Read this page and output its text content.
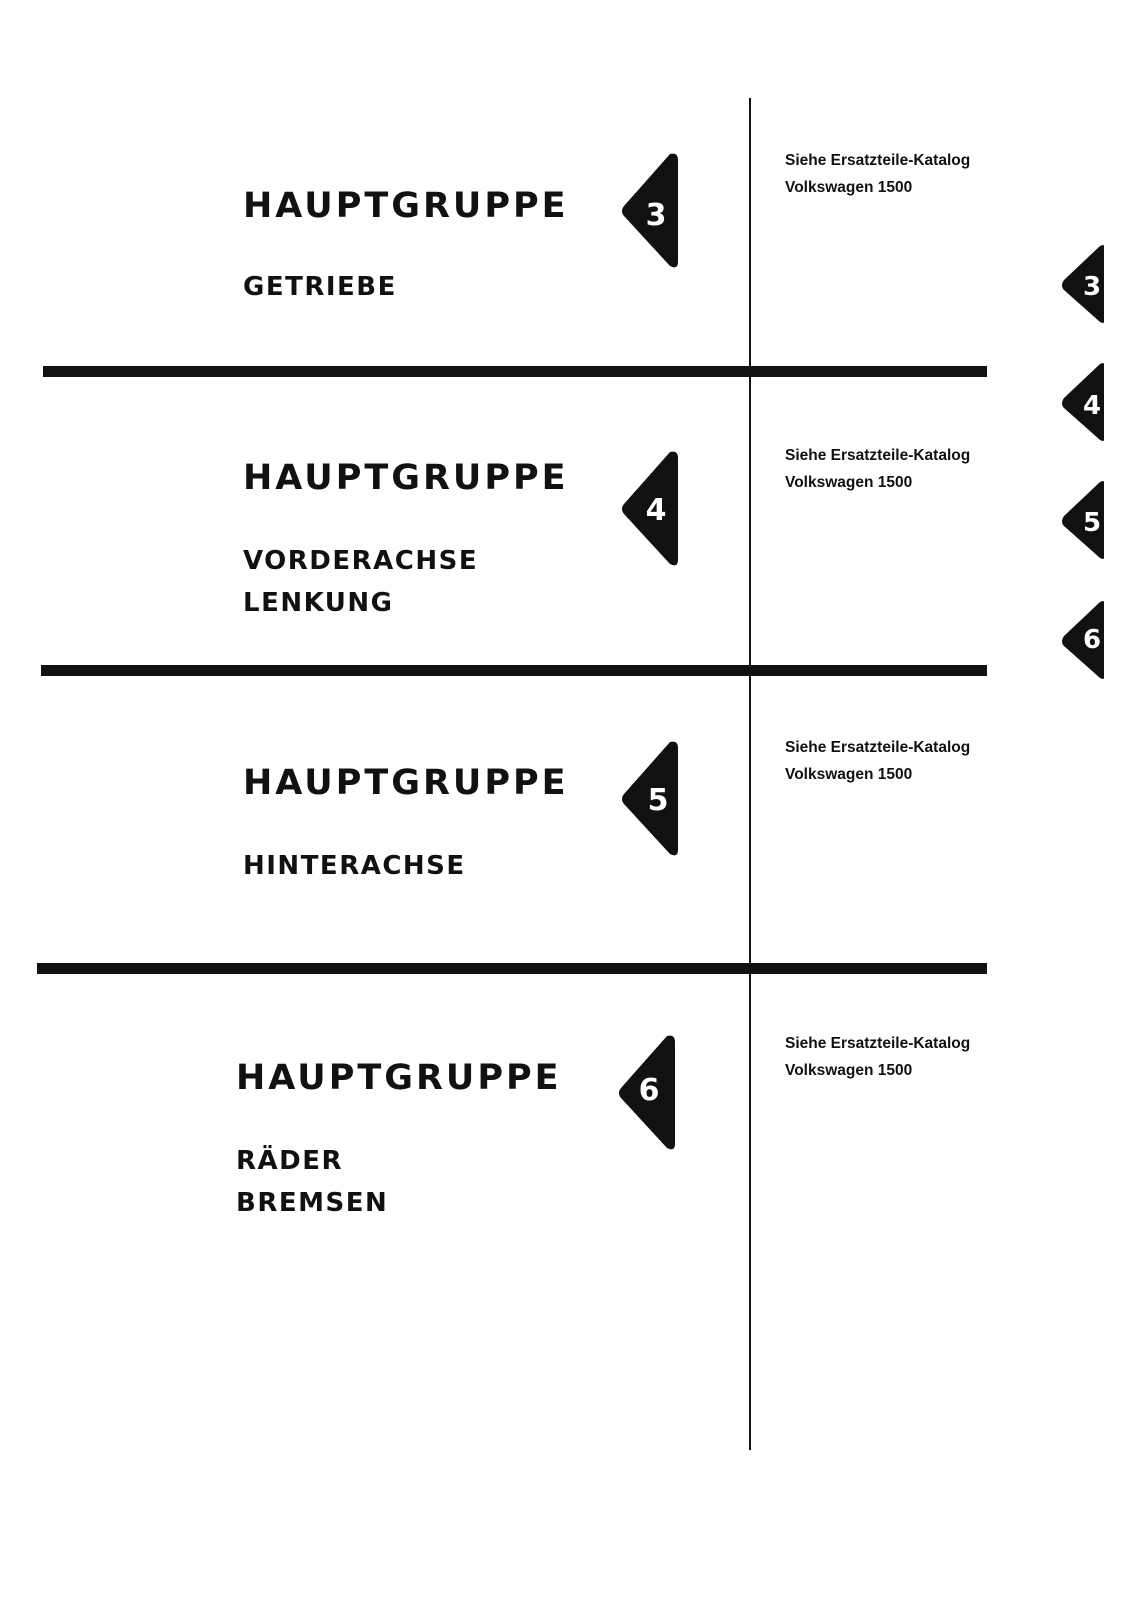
HAUPTGRUPPE
GETRIEBE
3
Siehe Ersatzteile-Katalog
Volkswagen 1500
HAUPTGRUPPE
VORDERACHSE
LENKUNG
4
Siehe Ersatzteile-Katalog
Volkswagen 1500
HAUPTGRUPPE
HINTERACHSE
5
Siehe Ersatzteile-Katalog
Volkswagen 1500
HAUPTGRUPPE
RÄDER
BREMSEN
6
Siehe Ersatzteile-Katalog
Volkswagen 1500
3
4
5
6
